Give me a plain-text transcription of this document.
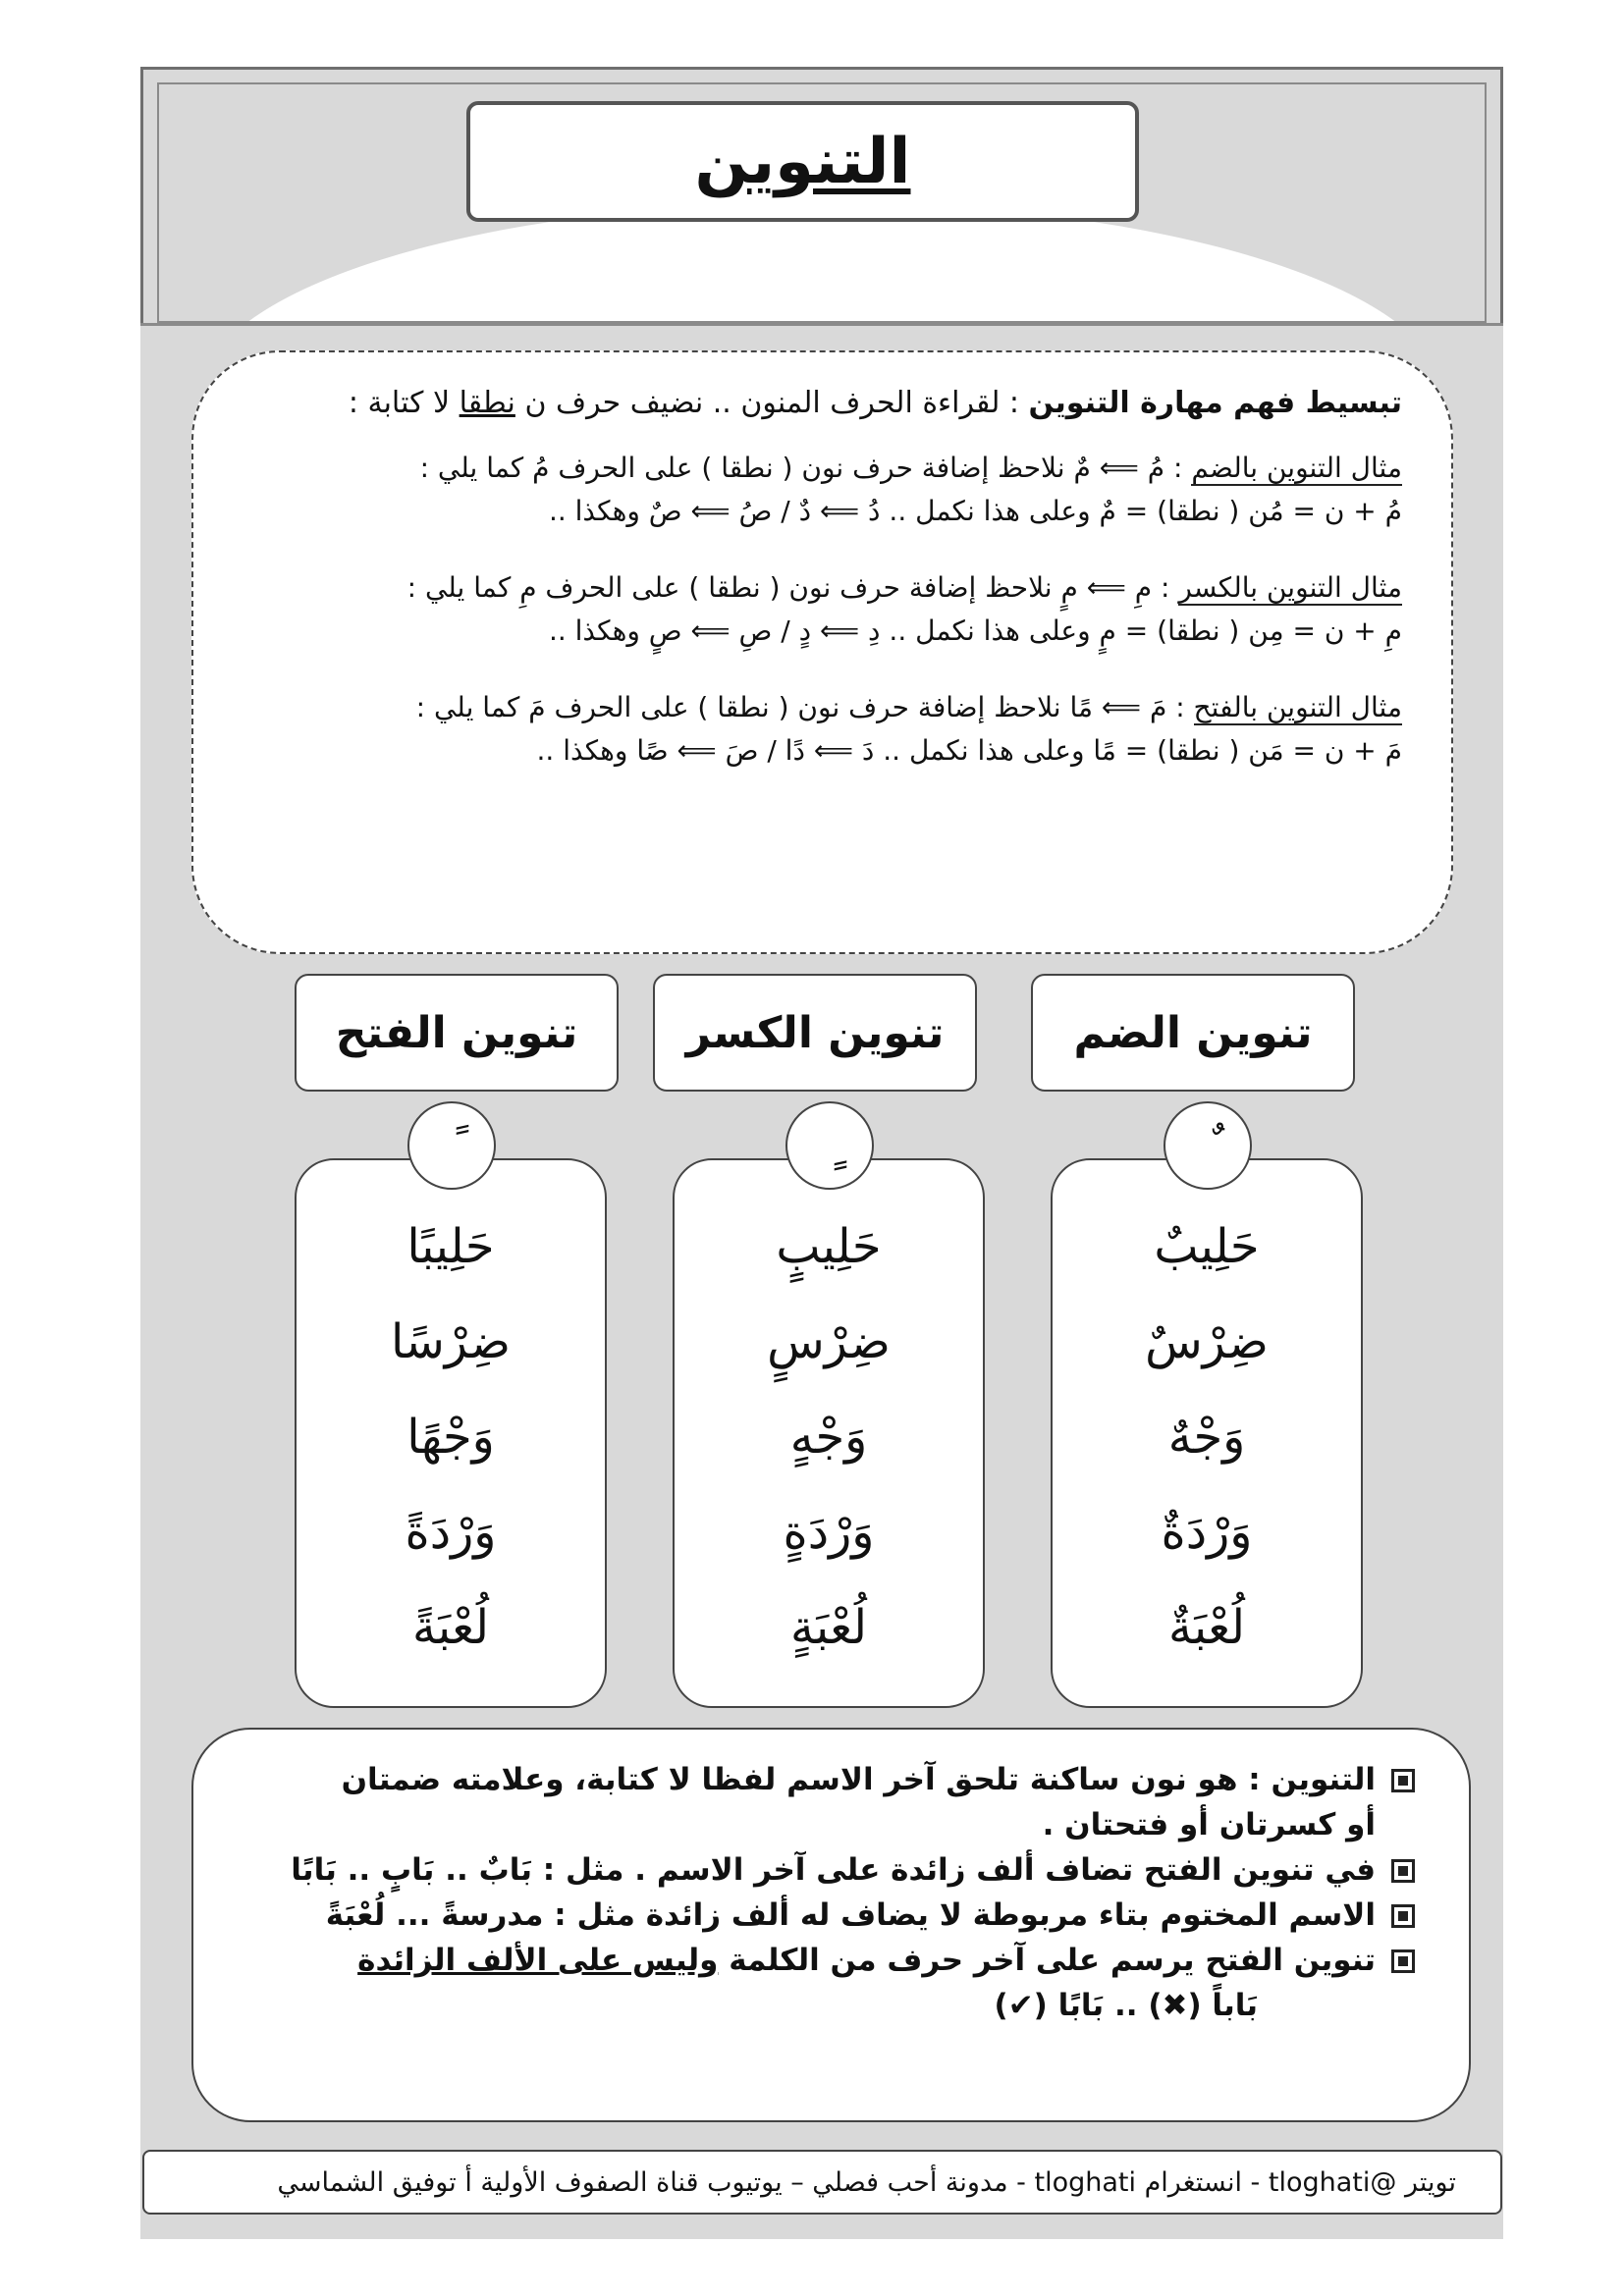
التنوين
تبسيط فهم مهارة التنوين : لقراءة الحرف المنون .. نضيف حرف ن نطقا لا كتابة :
مثال التنوين بالضم : مُ ⟸ مٌ نلاحظ إضافة حرف نون ( نطقا ) على الحرف مُ كما يلي :
مُ + ن = مُن ( نطقا) = مٌ وعلى هذا نكمل .. دُ ⟸ دٌ / صُ ⟸ صٌ وهكذا ..
مثال التنوين بالكسر : مِ ⟸ مٍ نلاحظ إضافة حرف نون ( نطقا ) على الحرف مِ كما يلي :
مِ + ن = مِن ( نطقا) = مٍ وعلى هذا نكمل .. دِ ⟸ دٍ / صِ ⟸ صٍ وهكذا ..
مثال التنوين بالفتح : مَ ⟸ مًا نلاحظ إضافة حرف نون ( نطقا ) على الحرف مَ كما يلي :
مَ + ن = مَن ( نطقا) = مًا وعلى هذا نكمل .. دَ ⟸ دًا / صَ ⟸ صًا وهكذا ..
تنوين الضم
تنوين الكسر
تنوين الفتح
حَلِيبٌ
ضِرْسٌ
وَجْهٌ
وَرْدَةٌ
لُعْبَةٌ
حَلِيبٍ
ضِرْسٍ
وَجْهٍ
وَرْدَةٍ
لُعْبَةٍ
حَلِيبًا
ضِرْسًا
وَجْهًا
وَرْدَةً
لُعْبَةً
التنوين : هو نون ساكنة تلحق آخر الاسم لفظا لا كتابة، وعلامته ضمتان
أو كسرتان أو فتحتان .
في تنوين الفتح تضاف ألف زائدة على آخر الاسم . مثل : بَابٌ .. بَابٍ .. بَابًا
الاسم المختوم بتاء مربوطة لا يضاف له ألف زائدة مثل : مدرسةً ... لُعْبَةً
تنوين الفتح يرسم على آخر حرف من الكلمة وليس على الألف الزائدة
بَاباً (✖) .. بَابًا (✔)
تويتر @tloghati - انستغرام tloghati - مدونة أحب فصلي – يوتيوب قناة الصفوف الأولية أ توفيق الشماسي
